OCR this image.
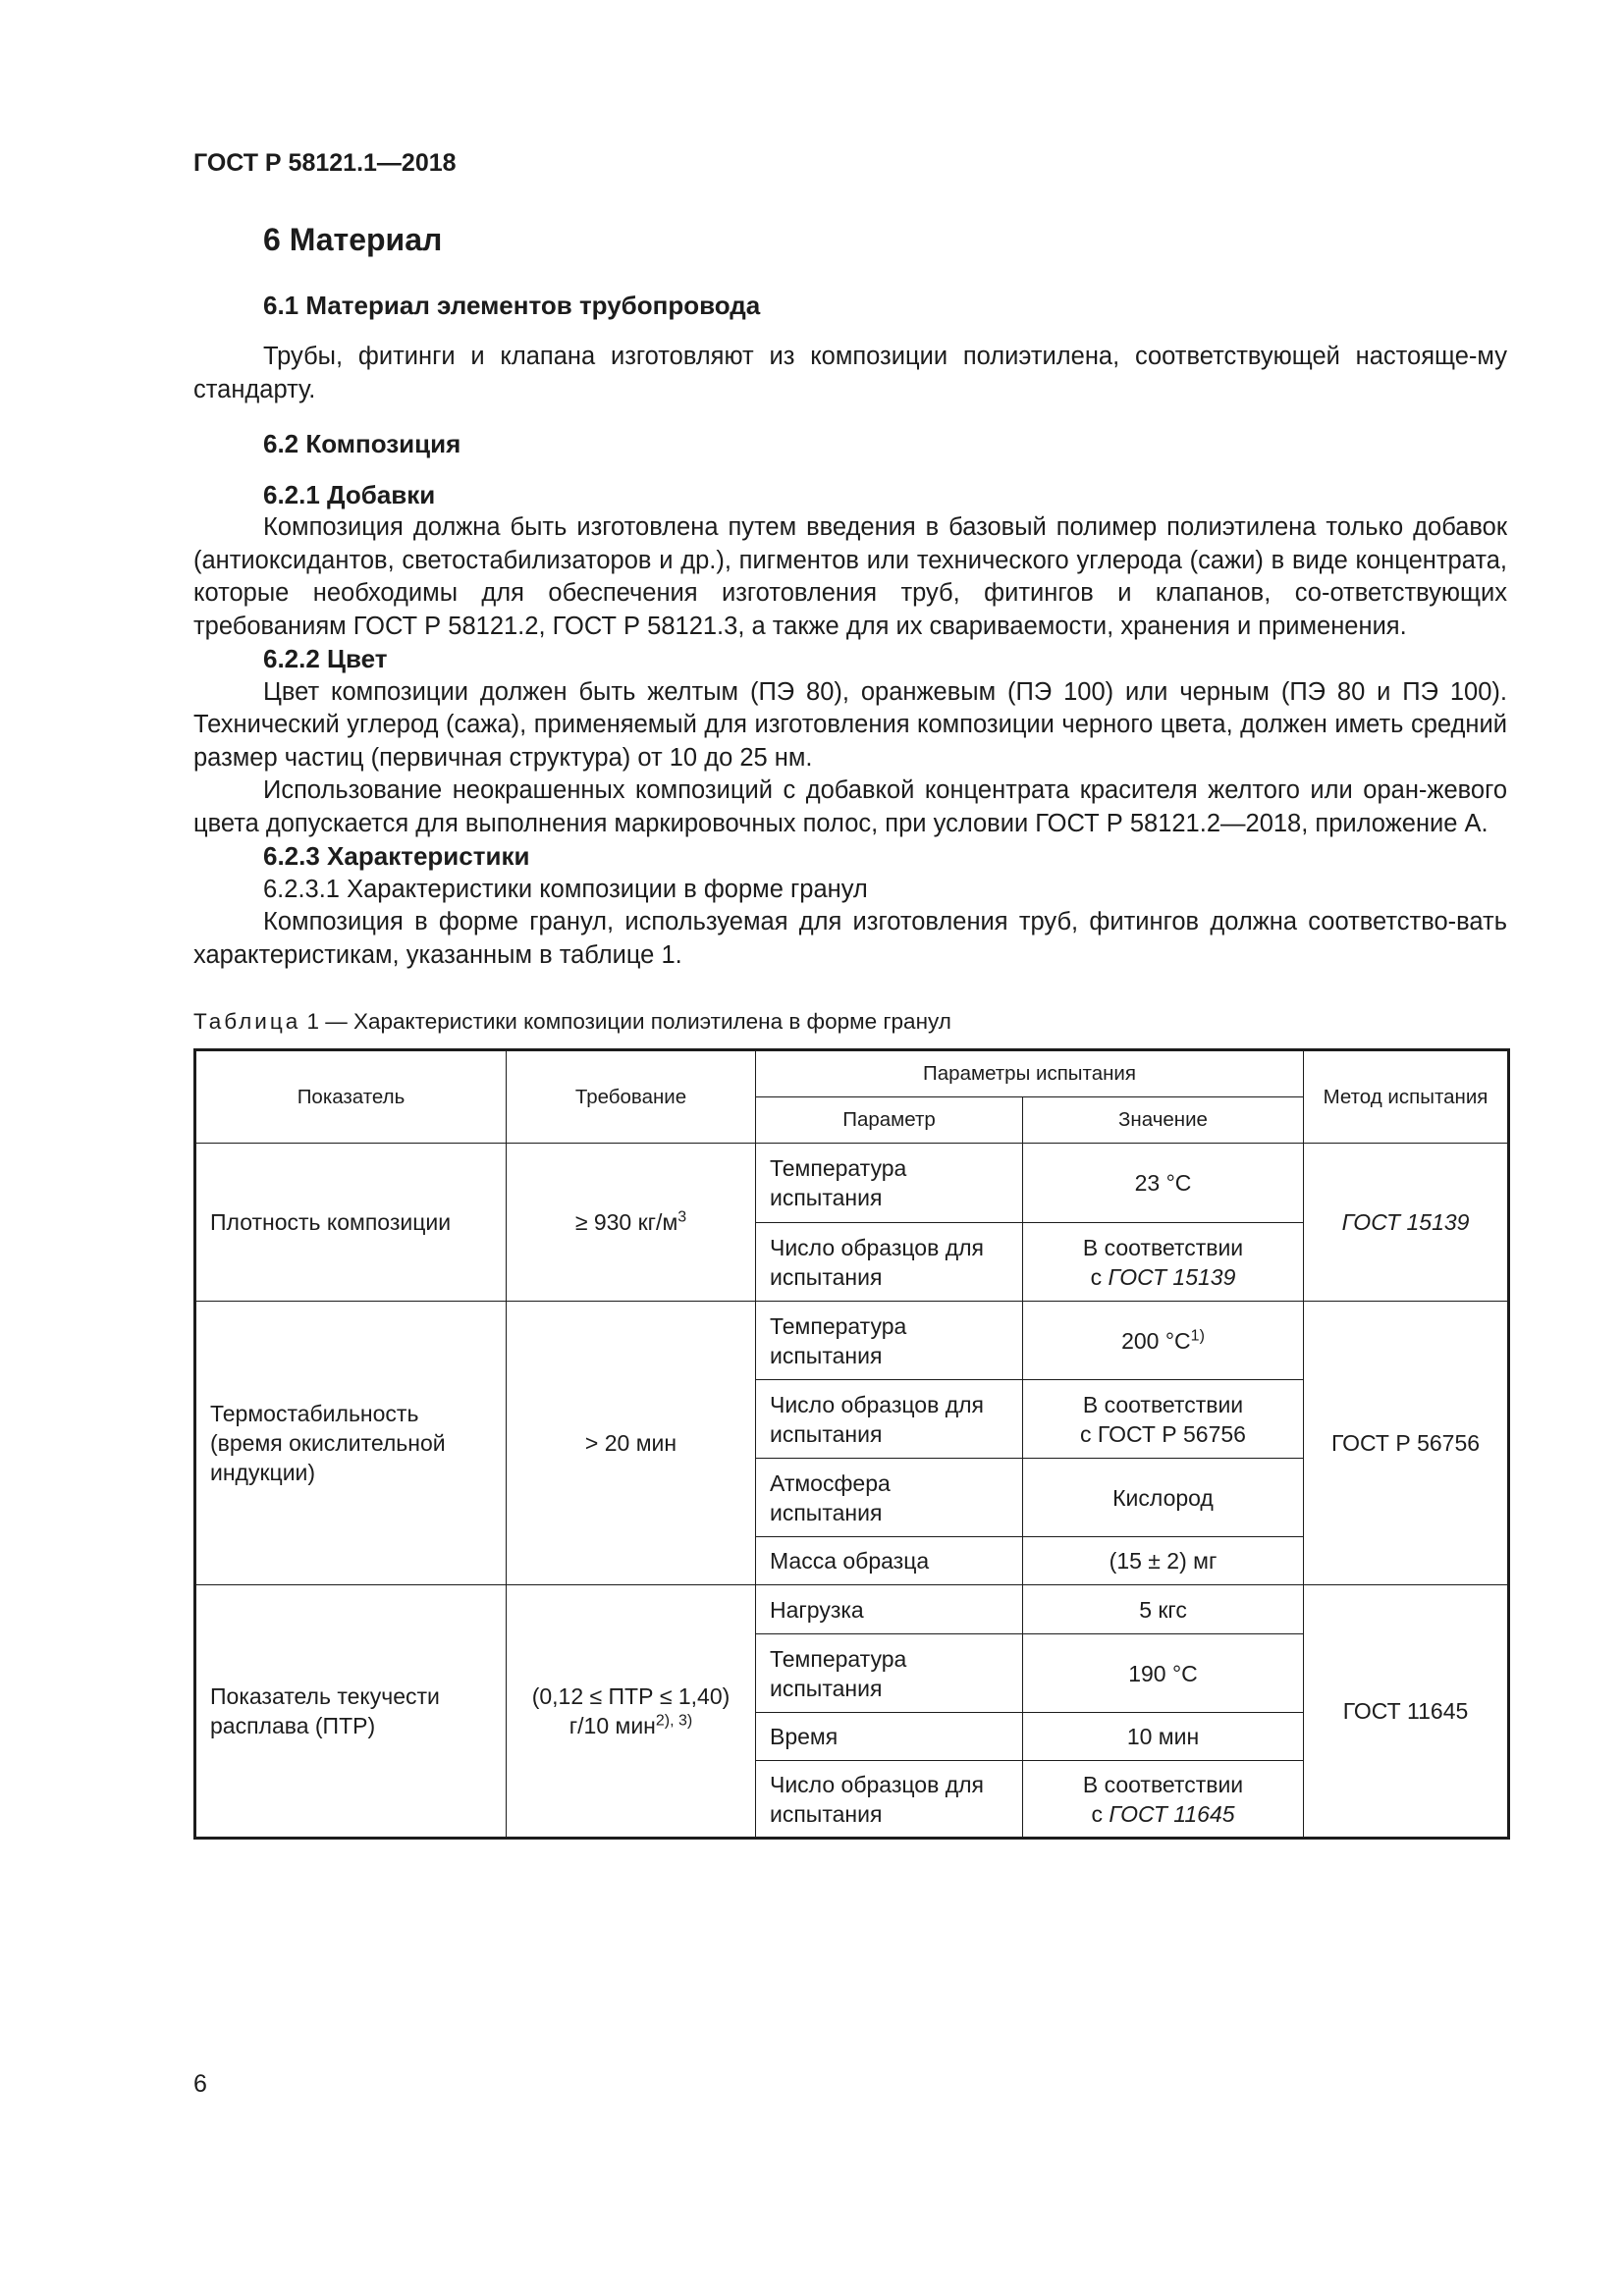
ГОСТ Р 58121.1—2018
6 Материал
6.1 Материал элементов трубопровода

Трубы, фитинги и клапана изготовляют из композиции полиэтилена, соответствующей настояще-му стандарту.

6.2 Композиция
6.2.1 Добавки

Композиция должна быть изготовлена путем введения в базовый полимер полиэтилена только добавок (антиоксидантов, светостабилизаторов и др.), пигментов или технического углерода (сажи) в виде концентрата, которые необходимы для обеспечения изготовления труб, фитингов и клапанов, со-ответствующих требованиям ГОСТ Р 58121.2, ГОСТ Р 58121.3, а также для их свариваемости, хранения и применения.

6.2.2 Цвет

Цвет композиции должен быть желтым (ПЭ 80), оранжевым (ПЭ 100) или черным (ПЭ 80 и ПЭ 100). Технический углерод (сажа), применяемый для изготовления композиции черного цвета, должен иметь средний размер частиц (первичная структура) от 10 до 25 нм.

Использование неокрашенных композиций с добавкой концентрата красителя желтого или оран-жевого цвета допускается для выполнения маркировочных полос, при условии ГОСТ Р 58121.2—2018, приложение А.

6.2.3 Характеристики
6.2.3.1 Характеристики композиции в форме гранул

Композиция в форме гранул, используемая для изготовления труб, фитингов должна соответство-вать характеристикам, указанным в таблице 1.

Таблица 1 — Характеристики композиции полиэтилена в форме гранул
Показатель	Требование	Параметры испытания		Метод испытания
		Параметр	Значение	
Плотность композиции	≥ 930 $кг/м^3$	Температура испытания	23 °C	ГОСТ 15139
		Число образцов для испытания	В соответствии
с ГОСТ 15139	
Термостабильность (время окислительной индукции)	> 20 мин	Температура испытания	200 $^\circ C^{1)}$	ГОСТ Р 56756
		Число образцов для испытания	В соответствии
с ГОСТ Р 56756	
		Атмосфера испытания	Кислород	
		Масса образца	(15 ± 2) мг	
Показатель текучести расплава (ПТР)	(0,12 ≤ ПТР ≤ 1,40)
г/10 мин$^{2), 3)}$	Нагрузка	5 кгс	ГОСТ 11645
		Температура испытания	190 °C	
		Время	10 мин	
		Число образцов для испытания	В соответствии
с ГОСТ 11645	
6
